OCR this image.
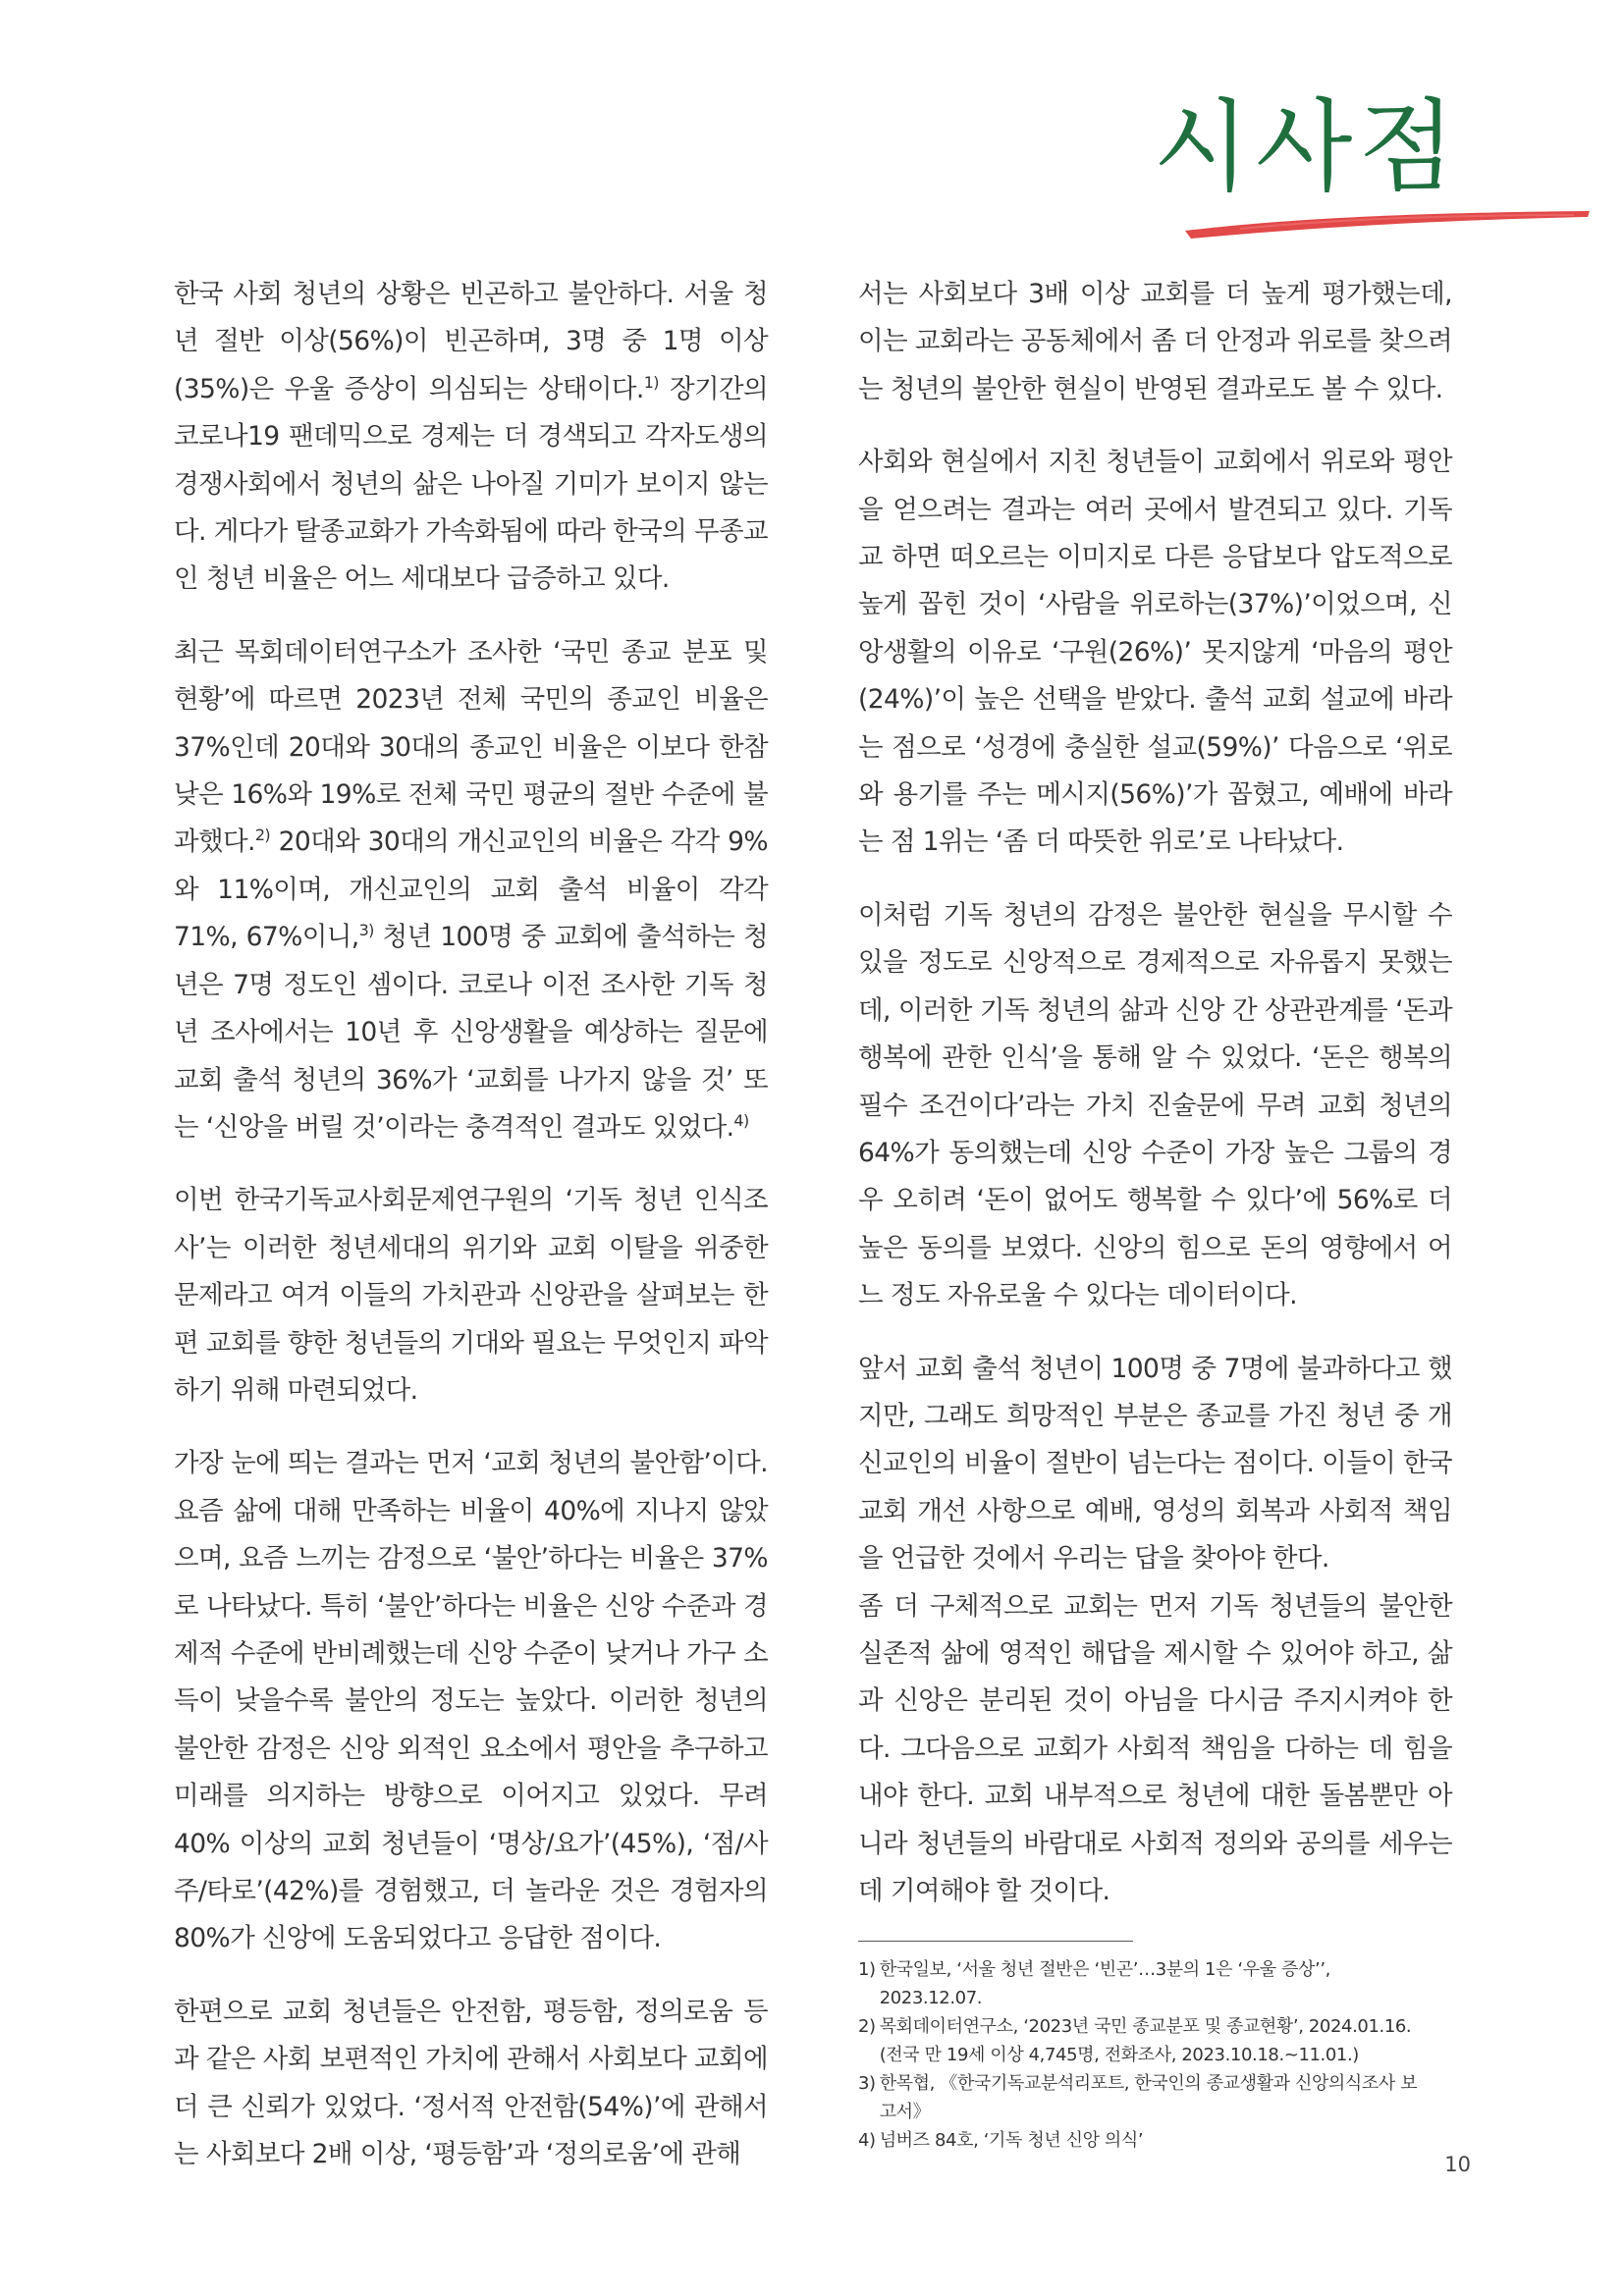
시사점

한국 사회 청년의 상황은 빈곤하고 불안하다. 서울 청년 절반 이상(56%)이 빈곤하며, 3명 중 1명 이상(35%)은 우울 증상이 의심되는 상태이다.$^{1)}$ 장기간의 코로나19 팬데믹으로 경제는 더 경색되고 각자도생의 경쟁사회에서 청년의 삶은 나아질 기미가 보이지 않는다. 게다가 탈종교화가 가속화됨에 따라 한국의 무종교인 청년 비율은 어느 세대보다 급증하고 있다.

최근 목회데이터연구소가 조사한 ‘국민 종교 분포 및 현황’에 따르면 2023년 전체 국민의 종교인 비율은 37%인데 20대와 30대의 종교인 비율은 이보다 한참 낮은 16%와 19%로 전체 국민 평균의 절반 수준에 불과했다.$^{2)}$ 20대와 30대의 개신교인의 비율은 각각 9%와 11%이며, 개신교인의 교회 출석 비율이 각각 71%, 67%이니,$^{3)}$ 청년 100명 중 교회에 출석하는 청년은 7명 정도인 셈이다. 코로나 이전 조사한 기독 청년 조사에서는 10년 후 신앙생활을 예상하는 질문에 교회 출석 청년의 36%가 ‘교회를 나가지 않을 것’ 또는 ‘신앙을 버릴 것’이라는 충격적인 결과도 있었다.$^{4)}$

이번 한국기독교사회문제연구원의 ‘기독 청년 인식조사’는 이러한 청년세대의 위기와 교회 이탈을 위중한 문제라고 여겨 이들의 가치관과 신앙관을 살펴보는 한편 교회를 향한 청년들의 기대와 필요는 무엇인지 파악하기 위해 마련되었다.

가장 눈에 띄는 결과는 먼저 ‘교회 청년의 불안함’이다. 요즘 삶에 대해 만족하는 비율이 40%에 지나지 않았으며, 요즘 느끼는 감정으로 ‘불안’하다는 비율은 37%로 나타났다. 특히 ‘불안’하다는 비율은 신앙 수준과 경제적 수준에 반비례했는데 신앙 수준이 낮거나 가구 소득이 낮을수록 불안의 정도는 높았다. 이러한 청년의 불안한 감정은 신앙 외적인 요소에서 평안을 추구하고 미래를 의지하는 방향으로 이어지고 있었다. 무려 40% 이상의 교회 청년들이 ‘명상/요가’(45%), ‘점/사주/타로’(42%)를 경험했고, 더 놀라운 것은 경험자의 80%가 신앙에 도움되었다고 응답한 점이다.

한편으로 교회 청년들은 안전함, 평등함, 정의로움 등과 같은 사회 보편적인 가치에 관해서 사회보다 교회에 더 큰 신뢰가 있었다. ‘정서적 안전함(54%)’에 관해서는 사회보다 2배 이상, ‘평등함’과 ‘정의로움’에 관해

서는 사회보다 3배 이상 교회를 더 높게 평가했는데, 이는 교회라는 공동체에서 좀 더 안정과 위로를 찾으려는 청년의 불안한 현실이 반영된 결과로도 볼 수 있다.

사회와 현실에서 지친 청년들이 교회에서 위로와 평안을 얻으려는 결과는 여러 곳에서 발견되고 있다. 기독교 하면 떠오르는 이미지로 다른 응답보다 압도적으로 높게 꼽힌 것이 ‘사람을 위로하는(37%)’이었으며, 신앙생활의 이유로 ‘구원(26%)’ 못지않게 ‘마음의 평안(24%)’이 높은 선택을 받았다. 출석 교회 설교에 바라는 점으로 ‘성경에 충실한 설교(59%)’ 다음으로 ‘위로와 용기를 주는 메시지(56%)’가 꼽혔고, 예배에 바라는 점 1위는 ‘좀 더 따뜻한 위로’로 나타났다.

이처럼 기독 청년의 감정은 불안한 현실을 무시할 수 있을 정도로 신앙적으로 경제적으로 자유롭지 못했는데, 이러한 기독 청년의 삶과 신앙 간 상관관계를 ‘돈과 행복에 관한 인식’을 통해 알 수 있었다. ‘돈은 행복의 필수 조건이다’라는 가치 진술문에 무려 교회 청년의 64%가 동의했는데 신앙 수준이 가장 높은 그룹의 경우 오히려 ‘돈이 없어도 행복할 수 있다’에 56%로 더 높은 동의를 보였다. 신앙의 힘으로 돈의 영향에서 어느 정도 자유로울 수 있다는 데이터이다.

앞서 교회 출석 청년이 100명 중 7명에 불과하다고 했지만, 그래도 희망적인 부분은 종교를 가진 청년 중 개신교인의 비율이 절반이 넘는다는 점이다. 이들이 한국 교회 개선 사항으로 예배, 영성의 회복과 사회적 책임을 언급한 것에서 우리는 답을 찾아야 한다.

좀 더 구체적으로 교회는 먼저 기독 청년들의 불안한 실존적 삶에 영적인 해답을 제시할 수 있어야 하고, 삶과 신앙은 분리된 것이 아님을 다시금 주지시켜야 한다. 그다음으로 교회가 사회적 책임을 다하는 데 힘을 내야 한다. 교회 내부적으로 청년에 대한 돌봄뿐만 아니라 청년들의 바람대로 사회적 정의와 공의를 세우는 데 기여해야 할 것이다.

1) 한국일보, ‘서울 청년 절반은 ‘빈곤’…3분의 1은 ‘우울 증상’’,
2023.12.07.
2) 목회데이터연구소, ‘2023년 국민 종교분포 및 종교현황’, 2024.01.16.
(전국 만 19세 이상 4,745명, 전화조사, 2023.10.18.~11.01.)
3) 한목협, 《한국기독교분석리포트, 한국인의 종교생활과 신앙의식조사 보
고서》
4) 넘버즈 84호, ‘기독 청년 신앙 의식’
10
